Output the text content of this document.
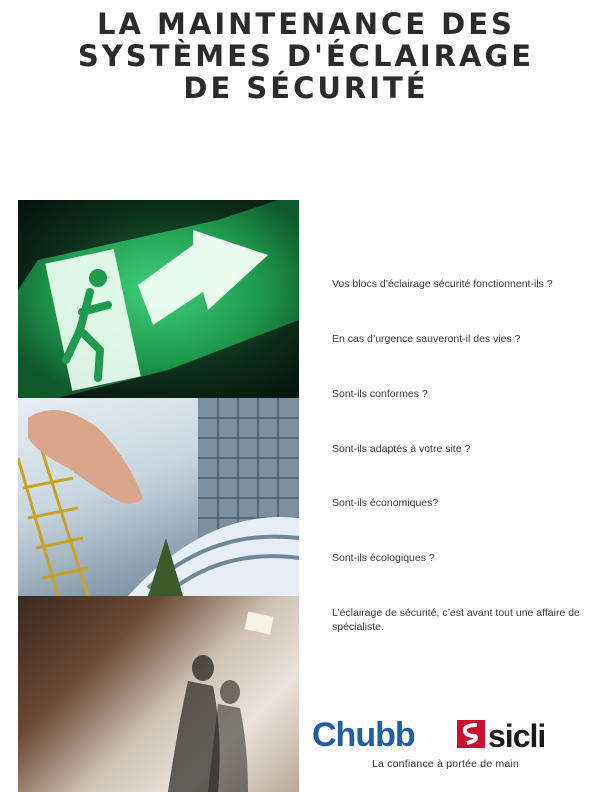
LA MAINTENANCE DES
SYSTÈMES D'ÉCLAIRAGE
DE SÉCURITÉ
Vos blocs d’éclairage sécurité fonctionnent-ils ?
En cas d’urgence sauveront-il des vies ?
Sont-ils conformes ?
Sont-ils adaptés à votre site ?
Sont-ils économiques?
Sont-ils écologiques ?
L’éclairage de sécurité, c’est avant tout une affaire de spécialiste.
Chubb sicli
La confiance à portée de main
